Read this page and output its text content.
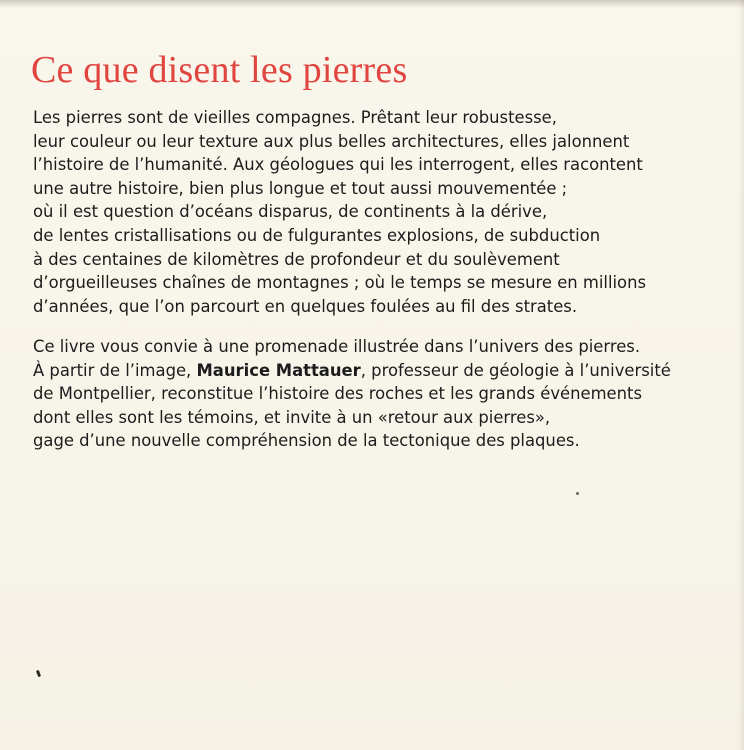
Ce que disent les pierres
Les pierres sont de vieilles compagnes. Prêtant leur robustesse,
leur couleur ou leur texture aux plus belles architectures, elles jalonnent
l’histoire de l’humanité. Aux géologues qui les interrogent, elles racontent
une autre histoire, bien plus longue et tout aussi mouvementée ;
où il est question d’océans disparus, de continents à la dérive,
de lentes cristallisations ou de fulgurantes explosions, de subduction
à des centaines de kilomètres de profondeur et du soulèvement
d’orgueilleuses chaînes de montagnes ; où le temps se mesure en millions
d’années, que l’on parcourt en quelques foulées au fil des strates.
Ce livre vous convie à une promenade illustrée dans l’univers des pierres.
À partir de l’image, Maurice Mattauer, professeur de géologie à l’université
de Montpellier, reconstitue l’histoire des roches et les grands événements
dont elles sont les témoins, et invite à un «retour aux pierres»,
gage d’une nouvelle compréhension de la tectonique des plaques.
